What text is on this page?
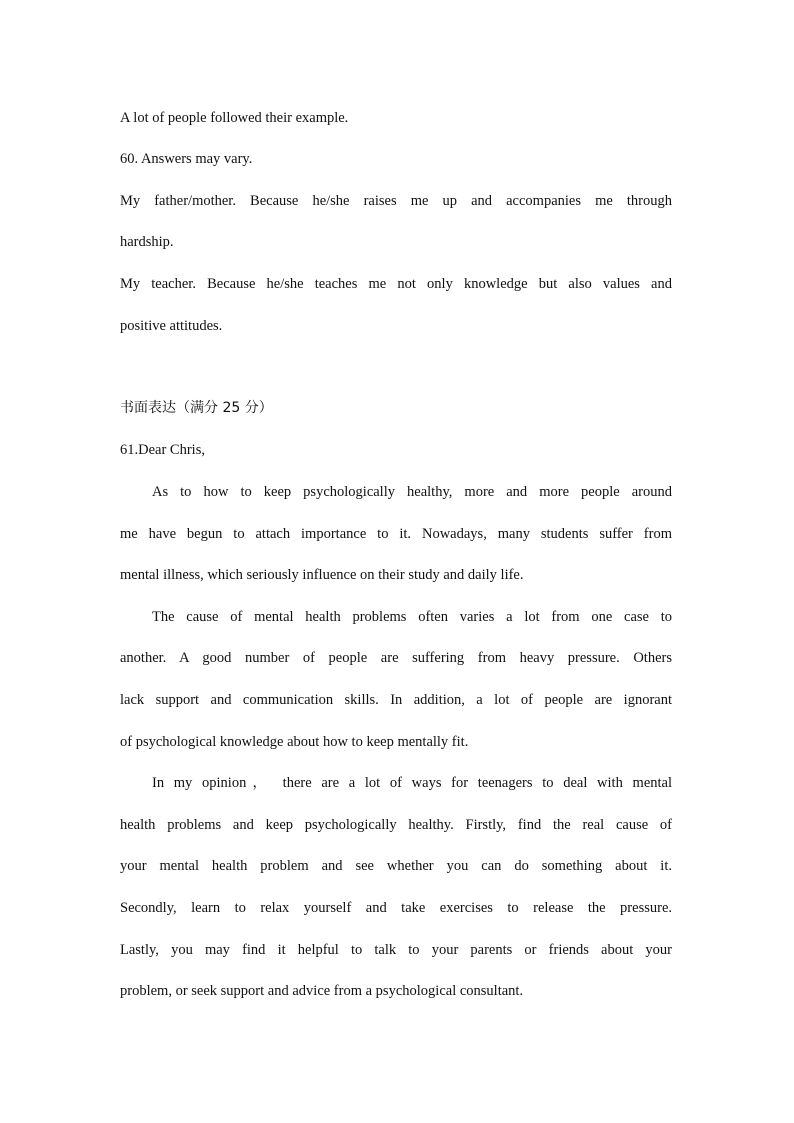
A lot of people followed their example.
60. Answers may vary.
My father/mother. Because he/she raises me up and accompanies me through
hardship.
My teacher. Because he/she teaches me not only knowledge but also values and
positive attitudes.
书面表达（满分 25 分）
61.Dear Chris,
As to how to keep psychologically healthy, more and more people around
me have begun to attach importance to it. Nowadays, many students suffer from
mental illness, which seriously influence on their study and daily life.
The cause of mental health problems often varies a lot from one case to
another. A good number of people are suffering from heavy pressure. Others
lack support and communication skills. In addition, a lot of people are ignorant
of psychological knowledge about how to keep mentally fit.
In my opinion， there are a lot of ways for teenagers to deal with mental
health problems and keep psychologically healthy. Firstly, find the real cause of
your mental health problem and see whether you can do something about it.
Secondly, learn to relax yourself and take exercises to release the pressure.
Lastly, you may find it helpful to talk to your parents or friends about your
problem, or seek support and advice from a psychological consultant.
